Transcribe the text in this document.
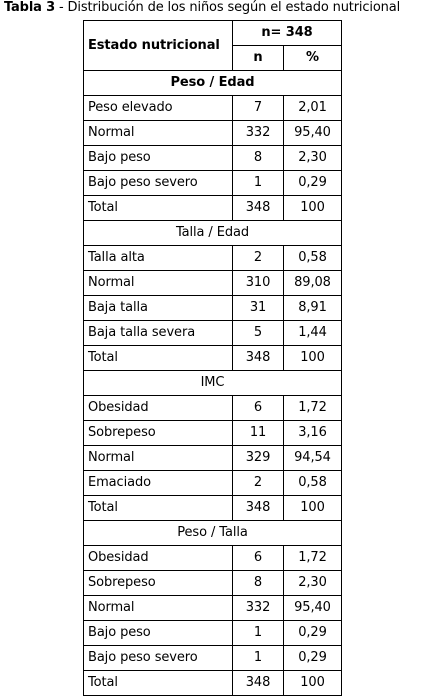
Tabla 3 - Distribución de los niños según el estado nutricional
Estado nutricional	n= 348	
	n	%
Peso / Edad		
Peso elevado	7	2,01
Normal	332	95,40
Bajo peso	8	2,30
Bajo peso severo	1	0,29
Total	348	100
Talla / Edad		
Talla alta	2	0,58
Normal	310	89,08
Baja talla	31	8,91
Baja talla severa	5	1,44
Total	348	100
IMC		
Obesidad	6	1,72
Sobrepeso	11	3,16
Normal	329	94,54
Emaciado	2	0,58
Total	348	100
Peso / Talla		
Obesidad	6	1,72
Sobrepeso	8	2,30
Normal	332	95,40
Bajo peso	1	0,29
Bajo peso severo	1	0,29
Total	348	100
